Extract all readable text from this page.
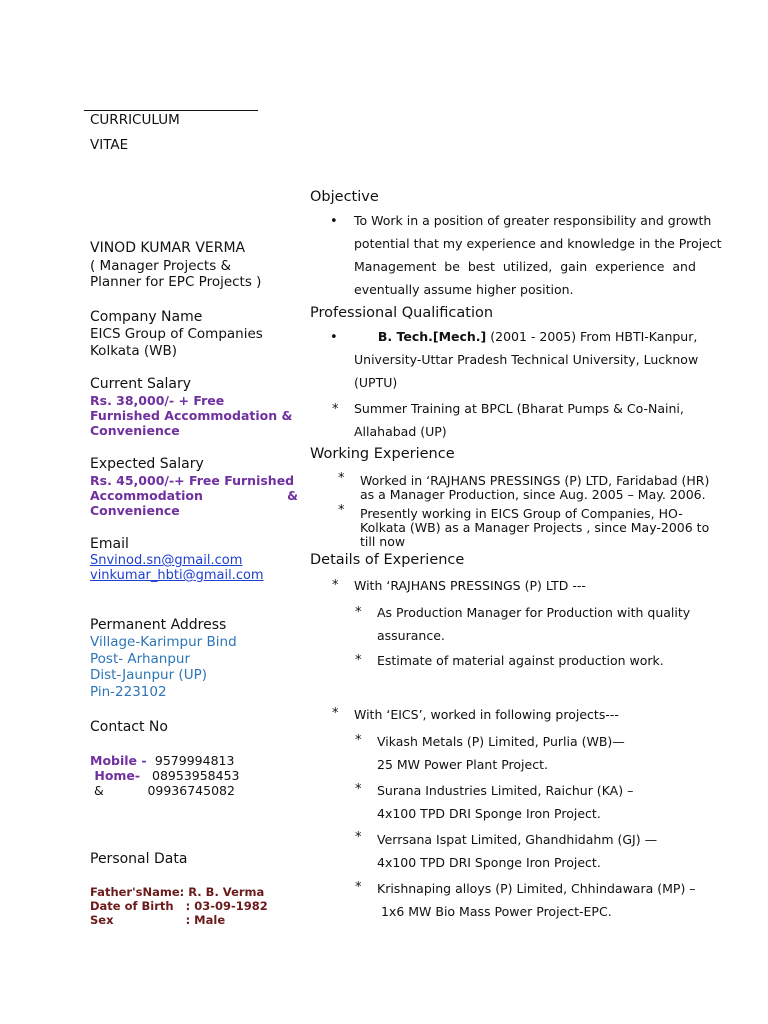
CURRICULUM
VITAE
VINOD KUMAR VERMA
( Manager Projects &
Planner for EPC Projects )
Company Name
EICS Group of Companies
Kolkata (WB)
Current Salary
Rs. 38,000/- + Free
Furnished Accommodation &
Convenience
Expected Salary
Rs. 45,000/-+ Free Furnished
Accommodation	&
Convenience
Email
Snvinod.sn@gmail.com
vinkumar_hbti@gmail.com
Permanent Address
Village-Karimpur Bind
Post- Arhanpur
Dist-Jaunpur (UP)
Pin-223102
Contact No
Mobile -  9579994813
Home-   08953958453
&           09936745082
Personal Data
Father'sName: R. B. Verma
Date of Birth   : 03-09-1982
Sex                  : Male
Objective
• To Work in a position of greater responsibility and growth
potential that my experience and knowledge in the Project
Management  be  best  utilized,  gain  experience  and
eventually assume higher position.
Professional Qualification
•	B. Tech.[Mech.] (2001 - 2005) From HBTI-Kanpur,
University-Uttar Pradesh Technical University, Lucknow
(UPTU)
* Summer Training at BPCL (Bharat Pumps & Co-Naini,
Allahabad (UP)
Working Experience
* Worked in ‘RAJHANS PRESSINGS (P) LTD, Faridabad (HR)
as a Manager Production, since Aug. 2005 – May. 2006.
* Presently working in EICS Group of Companies, HO-
Kolkata (WB) as a Manager Projects , since May-2006 to
till now
Details of Experience
* With ‘RAJHANS PRESSINGS (P) LTD ---
* As Production Manager for Production with quality
assurance.
* Estimate of material against production work.
* With ‘EICS’, worked in following projects---
* Vikash Metals (P) Limited, Purlia (WB)—
25 MW Power Plant Project.
* Surana Industries Limited, Raichur (KA) –
4x100 TPD DRI Sponge Iron Project.
* Verrsana Ispat Limited, Ghandhidahm (GJ) —
4x100 TPD DRI Sponge Iron Project.
* Krishnaping alloys (P) Limited, Chhindawara (MP) –
1x6 MW Bio Mass Power Project-EPC.
